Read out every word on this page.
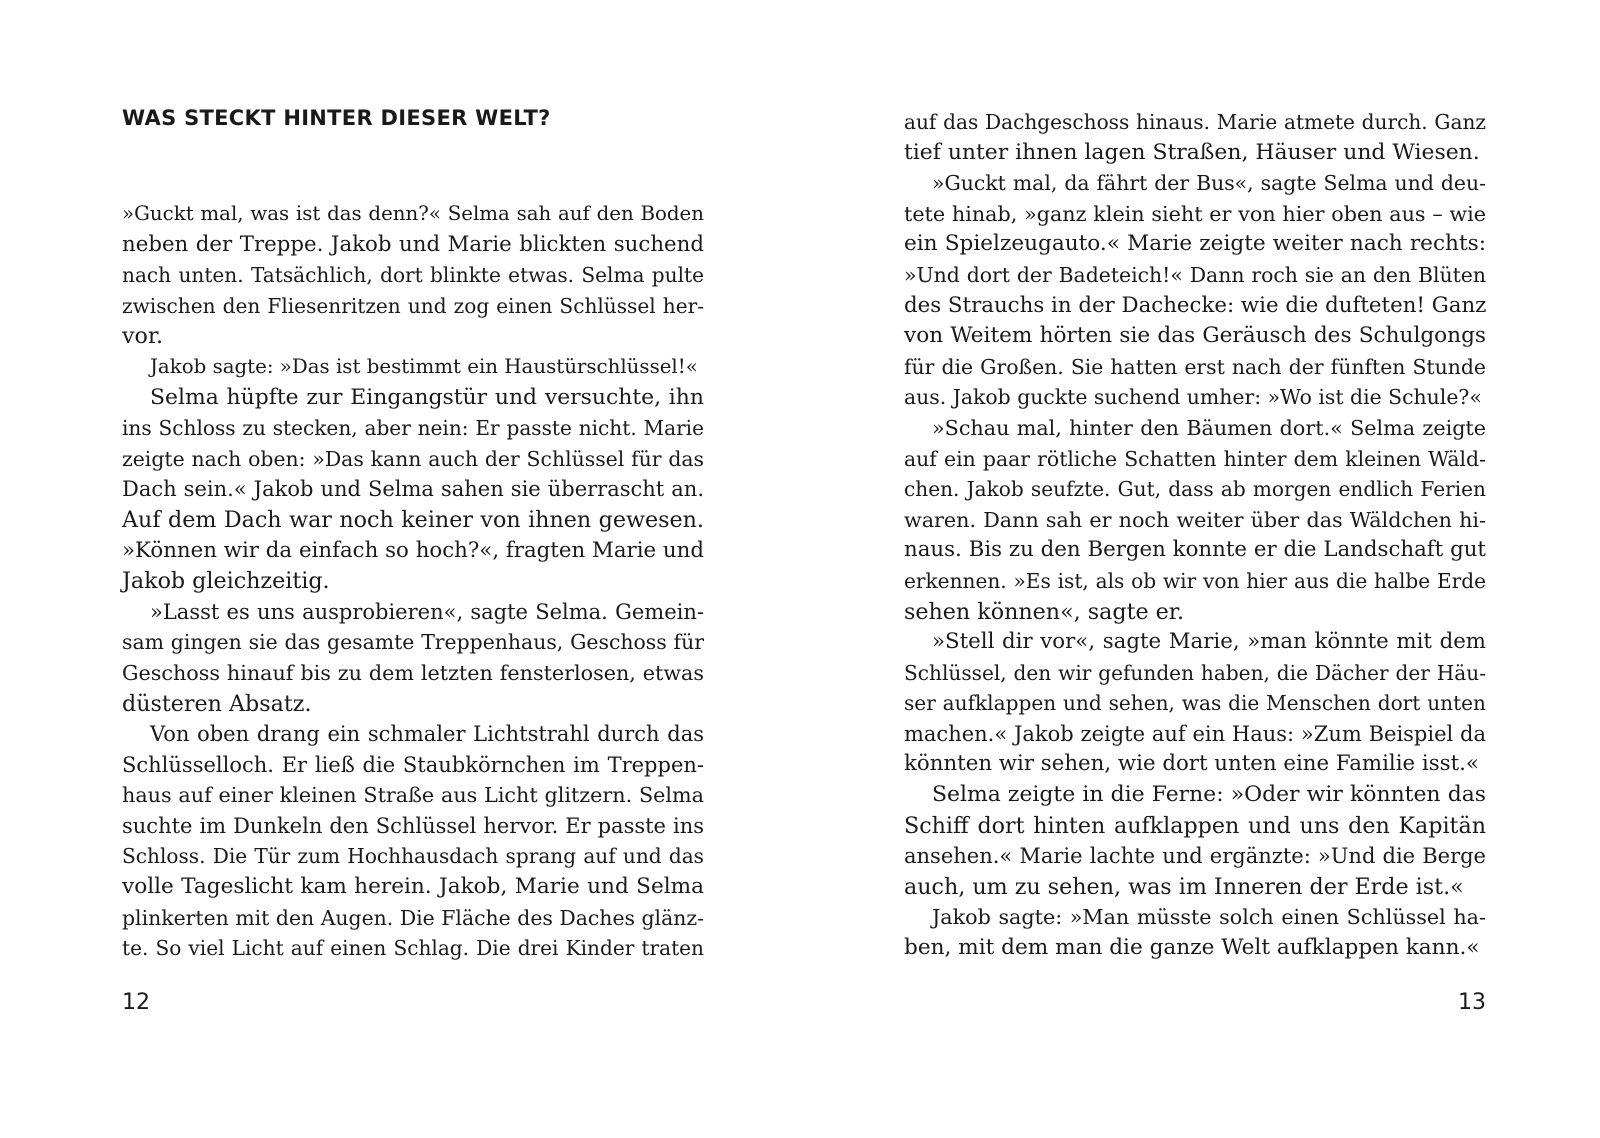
WAS STECKT HINTER DIESER WELT?
»Guckt mal, was ist das denn?« Selma sah auf den Boden
neben der Treppe. Jakob und Marie blickten suchend
nach unten. Tatsächlich, dort blinkte etwas. Selma pulte
zwischen den Fliesenritzen und zog einen Schlüssel her-
vor.
Jakob sagte: »Das ist bestimmt ein Haustürschlüssel!«
Selma hüpfte zur Eingangstür und versuchte, ihn
ins Schloss zu stecken, aber nein: Er passte nicht. Marie
zeigte nach oben: »Das kann auch der Schlüssel für das
Dach sein.« Jakob und Selma sahen sie überrascht an.
Auf dem Dach war noch keiner von ihnen gewesen.
»Können wir da einfach so hoch?«, fragten Marie und
Jakob gleichzeitig.
»Lasst es uns ausprobieren«, sagte Selma. Gemein-
sam gingen sie das gesamte Treppenhaus, Geschoss für
Geschoss hinauf bis zu dem letzten fensterlosen, etwas
düsteren Absatz.
Von oben drang ein schmaler Lichtstrahl durch das
Schlüsselloch. Er ließ die Staubkörnchen im Treppen-
haus auf einer kleinen Straße aus Licht glitzern. Selma
suchte im Dunkeln den Schlüssel hervor. Er passte ins
Schloss. Die Tür zum Hochhausdach sprang auf und das
volle Tageslicht kam herein. Jakob, Marie und Selma
plinkerten mit den Augen. Die Fläche des Daches glänz-
te. So viel Licht auf einen Schlag. Die drei Kinder traten
12
auf das Dachgeschoss hinaus. Marie atmete durch. Ganz
tief unter ihnen lagen Straßen, Häuser und Wiesen.
»Guckt mal, da fährt der Bus«, sagte Selma und deu-
tete hinab, »ganz klein sieht er von hier oben aus – wie
ein Spielzeugauto.« Marie zeigte weiter nach rechts:
»Und dort der Badeteich!« Dann roch sie an den Blüten
des Strauchs in der Dachecke: wie die dufteten! Ganz
von Weitem hörten sie das Geräusch des Schulgongs
für die Großen. Sie hatten erst nach der fünften Stunde
aus. Jakob guckte suchend umher: »Wo ist die Schule?«
»Schau mal, hinter den Bäumen dort.« Selma zeigte
auf ein paar rötliche Schatten hinter dem kleinen Wäld-
chen. Jakob seufzte. Gut, dass ab morgen endlich Ferien
waren. Dann sah er noch weiter über das Wäldchen hi-
naus. Bis zu den Bergen konnte er die Landschaft gut
erkennen. »Es ist, als ob wir von hier aus die halbe Erde
sehen können«, sagte er.
»Stell dir vor«, sagte Marie, »man könnte mit dem
Schlüssel, den wir gefunden haben, die Dächer der Häu-
ser aufklappen und sehen, was die Menschen dort unten
machen.« Jakob zeigte auf ein Haus: »Zum Beispiel da
könnten wir sehen, wie dort unten eine Familie isst.«
Selma zeigte in die Ferne: »Oder wir könnten das
Schiff dort hinten aufklappen und uns den Kapitän
ansehen.« Marie lachte und ergänzte: »Und die Berge
auch, um zu sehen, was im Inneren der Erde ist.«
Jakob sagte: »Man müsste solch einen Schlüssel ha-
ben, mit dem man die ganze Welt aufklappen kann.«
13
